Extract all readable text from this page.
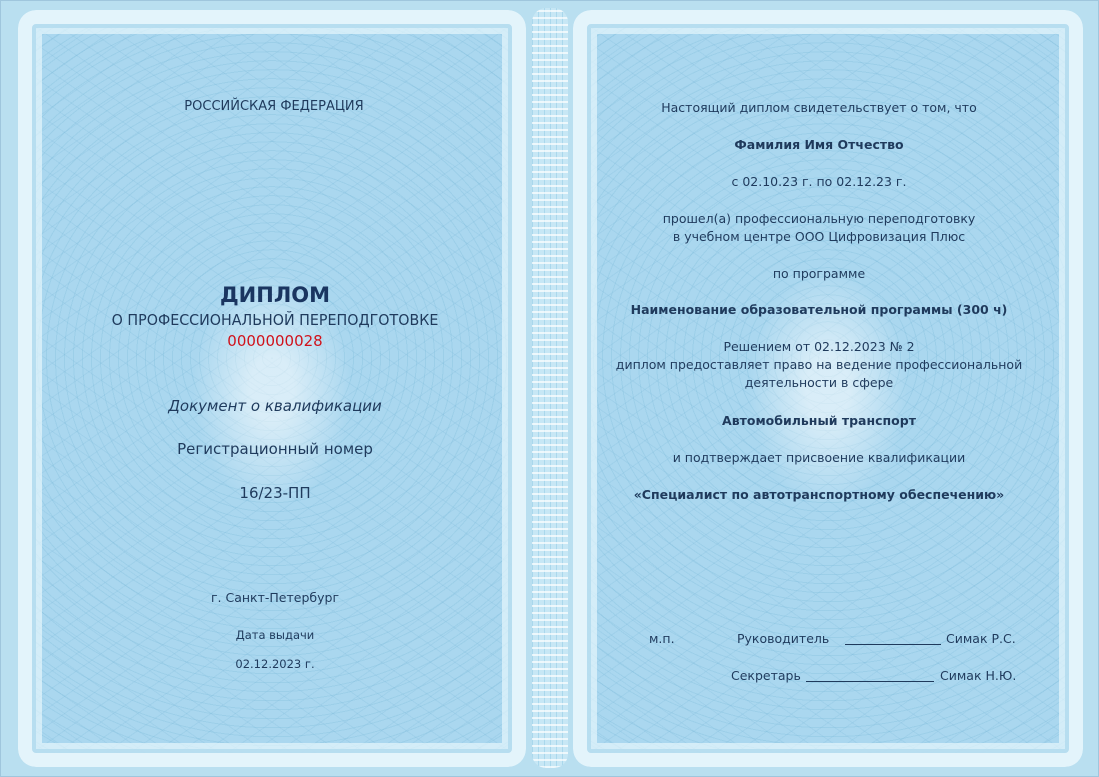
РОССИЙСКАЯ ФЕДЕРАЦИЯ

ДИПЛОМ

О ПРОФЕССИОНАЛЬНОЙ ПЕРЕПОДГОТОВКЕ

0000000028

Документ о квалификации

Регистрационный номер

16/23-ПП

г. Санкт-Петербург

Дата выдачи

02.12.2023 г.

Настоящий диплом свидетельствует о том, что

Фамилия Имя Отчество

с 02.10.23 г. по 02.12.23 г.

прошел(а) профессиональную переподготовку

в учебном центре ООО Цифровизация Плюс

по программе

Наименование образовательной программы (300 ч)

Решением от 02.12.2023 № 2

диплом предоставляет право на ведение профессиональной

деятельности в сфере

Автомобильный транспорт

и подтверждает присвоение квалификации

«Специалист по автотранспортному обеспечению»

м.п.	Руководитель	Симак Р.С.

Секретарь	Симак Н.Ю.
